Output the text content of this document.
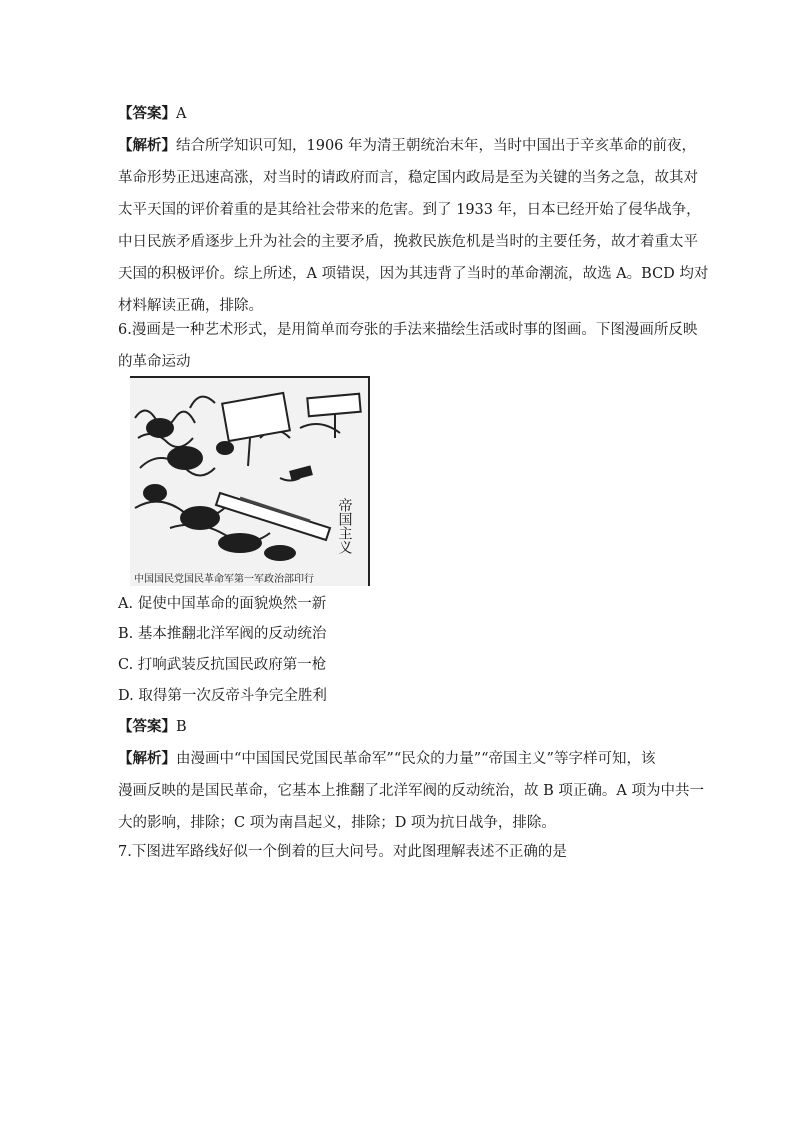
【答案】A
【解析】结合所学知识可知，1906 年为清王朝统治末年，当时中国出于辛亥革命的前夜，
革命形势正迅速高涨，对当时的请政府而言，稳定国内政局是至为关键的当务之急，故其对
太平天国的评价着重的是其给社会带来的危害。到了 1933 年，日本已经开始了侵华战争，
中日民族矛盾逐步上升为社会的主要矛盾，挽救民族危机是当时的主要任务，故才着重太平
天国的积极评价。综上所述，A 项错误，因为其违背了当时的革命潮流，故选 A。BCD 均对
材料解读正确，排除。
6.漫画是一种艺术形式，是用简单而夸张的手法来描绘生活或时事的图画。下图漫画所反映
的革命运动
帝国主义
中国国民党国民革命军第一军政治部印行
A. 促使中国革命的面貌焕然一新
B. 基本推翻北洋军阀的反动统治
C. 打响武装反抗国民政府第一枪
D. 取得第一次反帝斗争完全胜利
【答案】B
【解析】由漫画中“中国国民党国民革命军”“民众的力量”“帝国主义”等字样可知，该
漫画反映的是国民革命，它基本上推翻了北洋军阀的反动统治，故 B 项正确。A 项为中共一
大的影响，排除；C 项为南昌起义，排除；D 项为抗日战争，排除。
7.下图进军路线好似一个倒着的巨大问号。对此图理解表述不正确的是
